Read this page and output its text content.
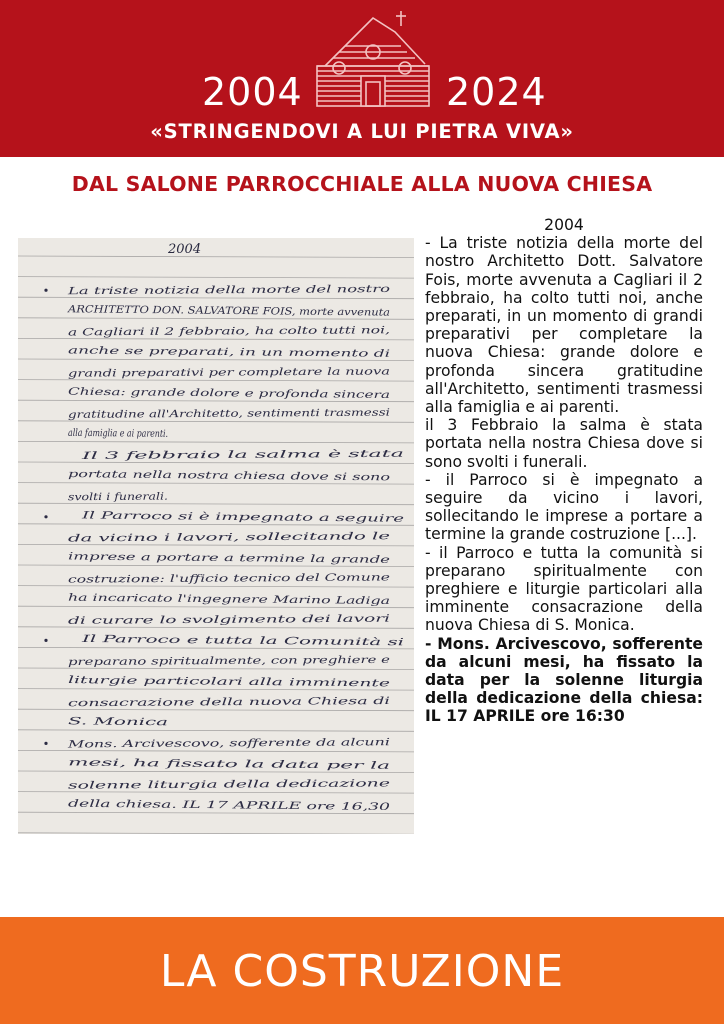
2004	2024
«STRINGENDOVI A LUI PIETRA VIVA»
DAL SALONE PARROCCHIALE ALLA NUOVA CHIESA
2004
La triste notizia della morte del nostro
ARCHITETTO DON. SALVATORE FOIS, morte avvenuta
a Cagliari il 2 febbraio, ha colto tutti noi,
anche se preparati, in un momento di
grandi preparativi per completare la nuova
Chiesa: grande dolore e profonda sincera
gratitudine all'Architetto, sentimenti trasmessi
alla famiglia e ai parenti.
Il 3 febbraio la salma è stata
portata nella nostra chiesa dove si sono
svolti i funerali.
Il Parroco si è impegnato a seguire
da vicino i lavori, sollecitando le
imprese a portare a termine la grande
costruzione: l'ufficio tecnico del Comune
ha incaricato l'ingegnere Marino Ladiga
di curare lo svolgimento dei lavori
Il Parroco e tutta la Comunità si
preparano spiritualmente, con preghiere e
liturgie particolari alla imminente
consacrazione della nuova Chiesa di
S. Monica
Mons. Arcivescovo, sofferente da alcuni
mesi, ha fissato la data per la
solenne liturgia della dedicazione
della chiesa. IL 17 APRILE ore 16,30

2004

- La triste notizia della morte del nostro Architetto Dott. Salvatore Fois, morte avvenuta a Cagliari il 2 febbraio, ha colto tutti noi, anche preparati, in un momento di grandi preparativi per completare la nuova Chiesa: grande dolore e profonda sincera gratitudine all'Architetto, sentimenti trasmessi alla famiglia e ai parenti.

il 3 Febbraio la salma è stata portata nella nostra Chiesa dove si sono svolti i funerali.

- il Parroco si è impegnato a seguire da vicino i lavori, sollecitando le imprese a portare a termine la grande costruzione [...].

- il Parroco e tutta la comunità si preparano spiritualmente con preghiere e liturgie particolari alla imminente consacrazione della nuova Chiesa di S. Monica.

- Mons. Arcivescovo, sofferente da alcuni mesi, ha fissato la data per la solenne liturgia della dedicazione della chiesa: IL 17 APRILE ore 16:30

LA COSTRUZIONE
